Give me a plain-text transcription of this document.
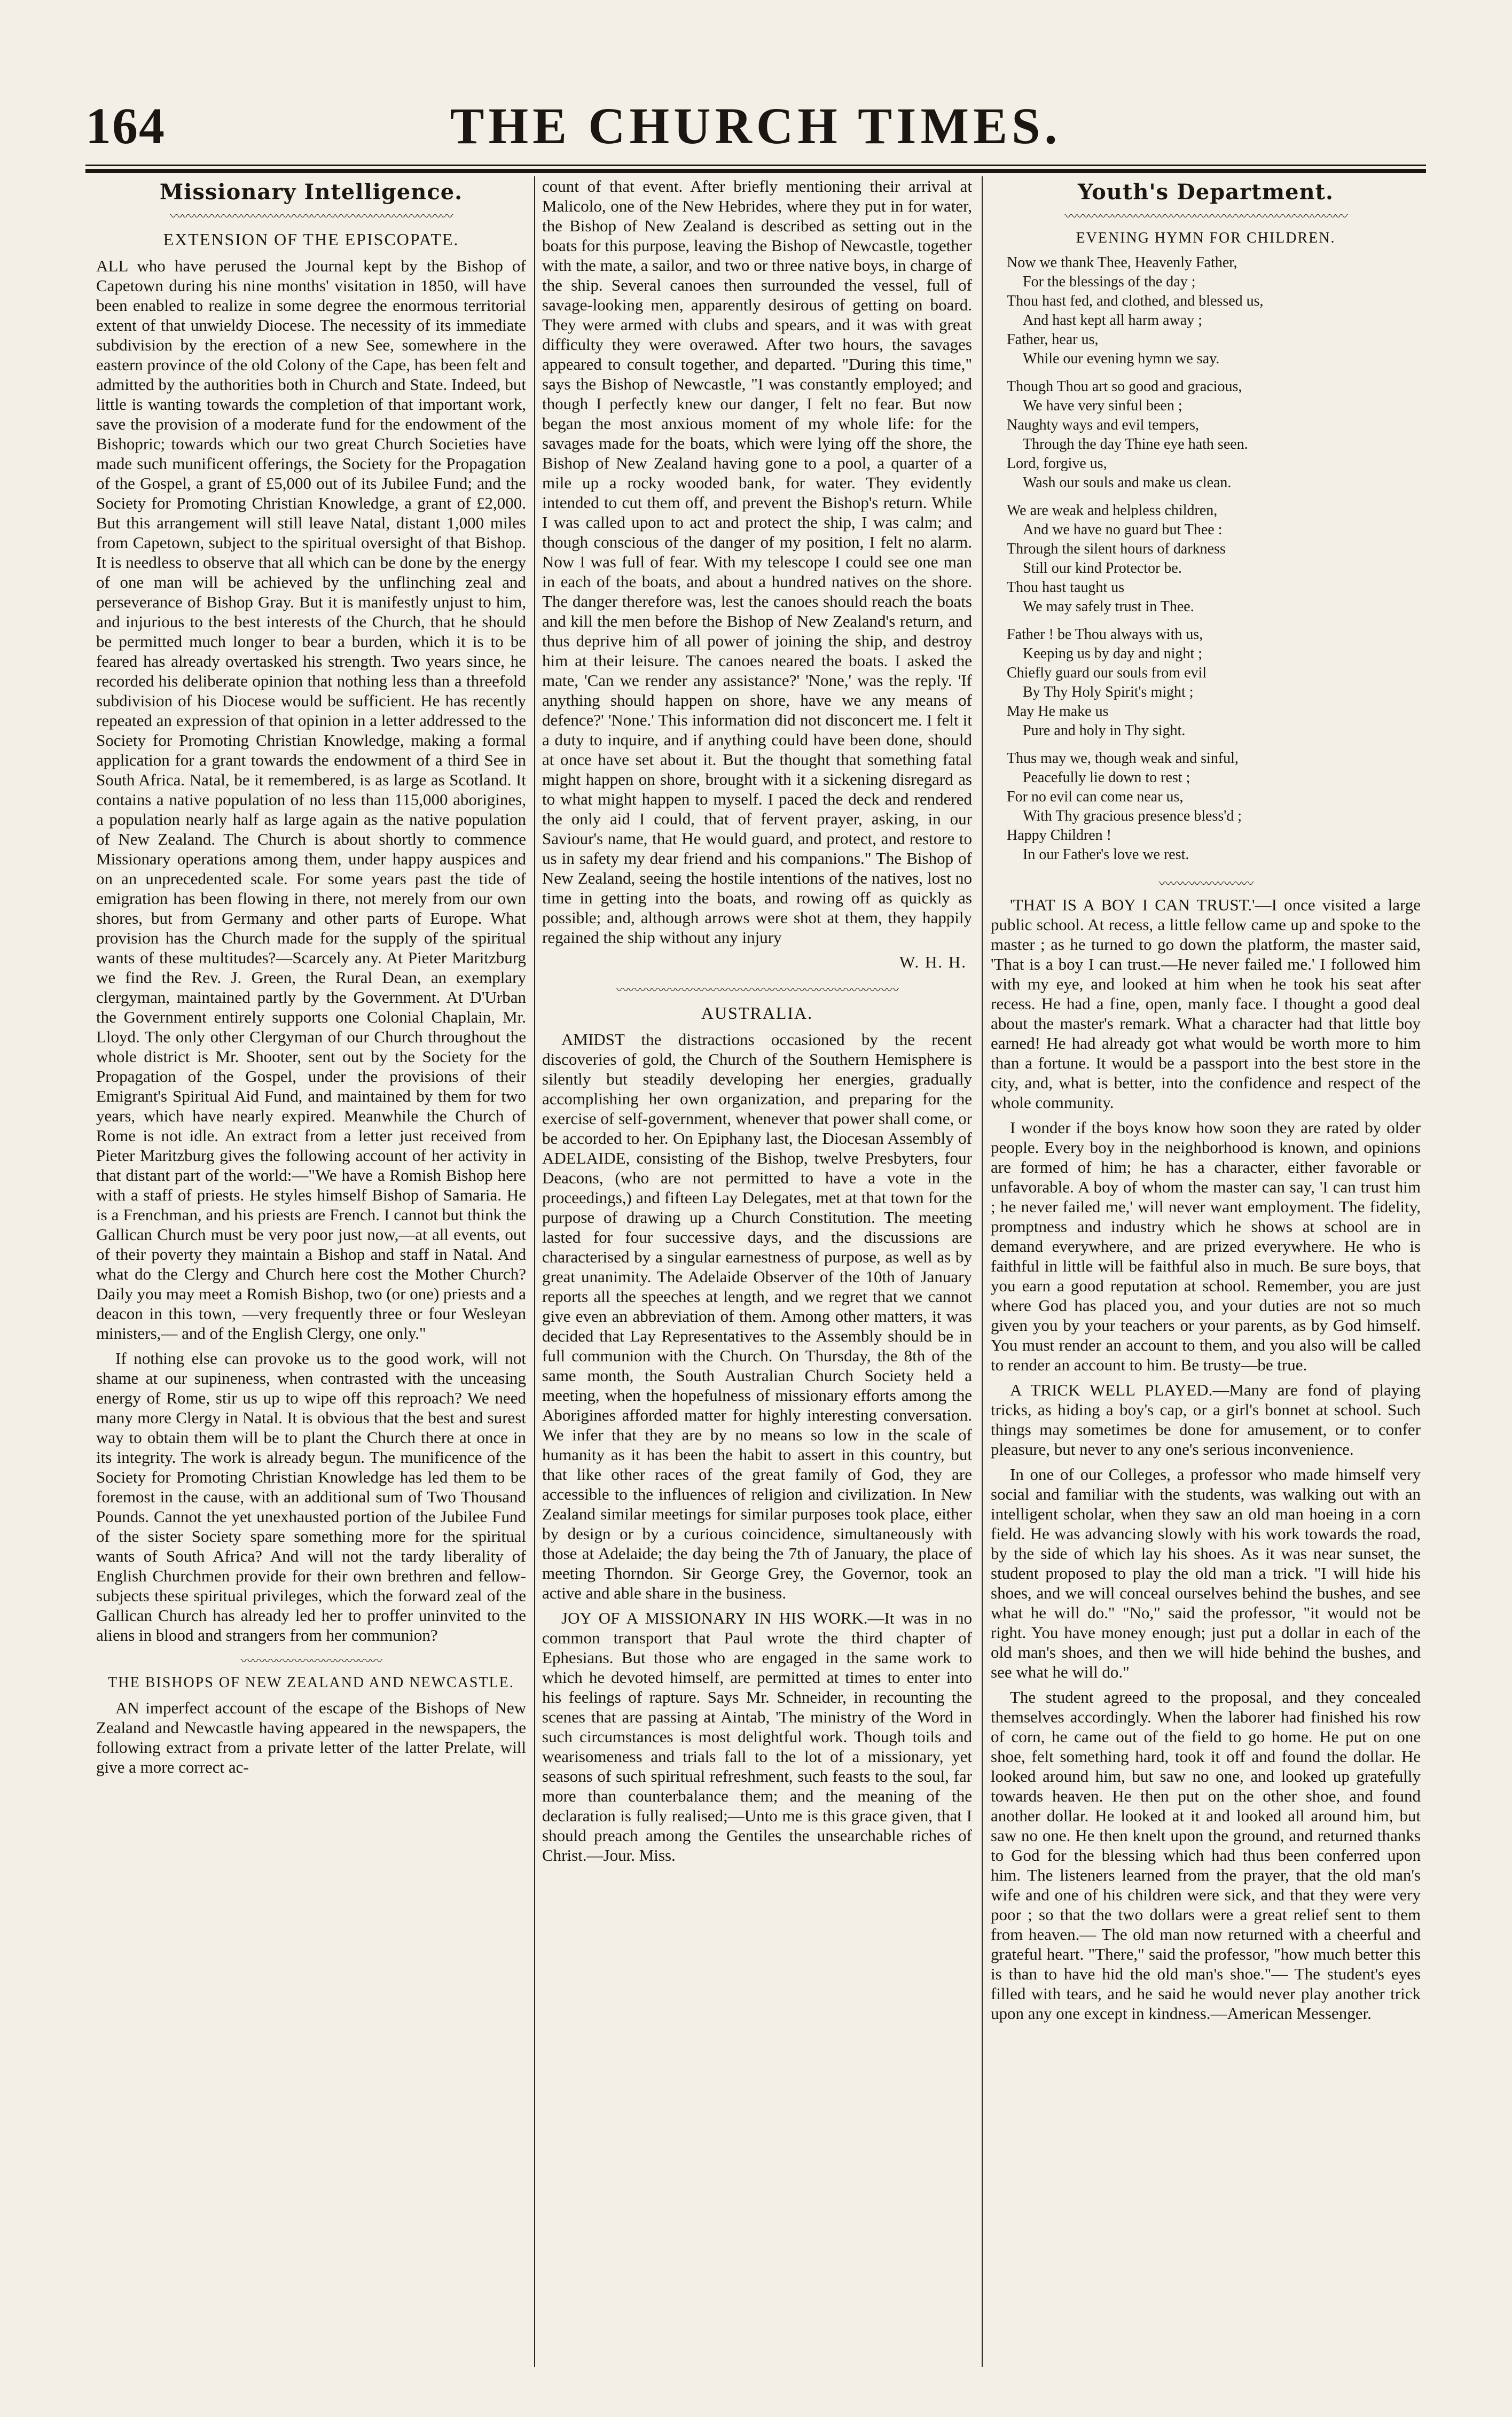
164	THE CHURCH TIMES.
Missionary Intelligence.
〰〰〰〰〰〰〰〰〰〰〰〰〰〰〰〰〰〰〰〰〰〰〰〰
EXTENSION OF THE EPISCOPATE.

ALL who have perused the Journal kept by the Bishop of Capetown during his nine months' visitation in 1850, will have been enabled to realize in some degree the enormous territorial extent of that unwieldy Diocese. The necessity of its immediate subdivision by the erection of a new See, somewhere in the eastern province of the old Colony of the Cape, has been felt and admitted by the authorities both in Church and State. Indeed, but little is wanting towards the completion of that important work, save the provision of a moderate fund for the endowment of the Bishopric; towards which our two great Church Societies have made such munificent offerings, the Society for the Propagation of the Gospel, a grant of £5,000 out of its Jubilee Fund; and the Society for Promoting Christian Knowledge, a grant of £2,000. But this arrangement will still leave Natal, distant 1,000 miles from Capetown, subject to the spiritual oversight of that Bishop. It is needless to observe that all which can be done by the energy of one man will be achieved by the unflinching zeal and perseverance of Bishop Gray. But it is manifestly unjust to him, and injurious to the best interests of the Church, that he should be permitted much longer to bear a burden, which it is to be feared has already overtasked his strength. Two years since, he recorded his deliberate opinion that nothing less than a threefold subdivision of his Diocese would be sufficient. He has recently repeated an expression of that opinion in a letter addressed to the Society for Promoting Christian Knowledge, making a formal application for a grant towards the endowment of a third See in South Africa. Natal, be it remembered, is as large as Scotland. It contains a native population of no less than 115,000 aborigines, a population nearly half as large again as the native population of New Zealand. The Church is about shortly to commence Missionary operations among them, under happy auspices and on an unprecedented scale. For some years past the tide of emigration has been flowing in there, not merely from our own shores, but from Germany and other parts of Europe. What provision has the Church made for the supply of the spiritual wants of these multitudes?—Scarcely any. At Pieter Maritzburg we find the Rev. J. Green, the Rural Dean, an exemplary clergyman, maintained partly by the Government. At D'Urban the Government entirely supports one Colonial Chaplain, Mr. Lloyd. The only other Clergyman of our Church throughout the whole district is Mr. Shooter, sent out by the Society for the Propagation of the Gospel, under the provisions of their Emigrant's Spiritual Aid Fund, and maintained by them for two years, which have nearly expired. Meanwhile the Church of Rome is not idle. An extract from a letter just received from Pieter Maritzburg gives the following account of her activity in that distant part of the world:—"We have a Romish Bishop here with a staff of priests. He styles himself Bishop of Samaria. He is a Frenchman, and his priests are French. I cannot but think the Gallican Church must be very poor just now,—at all events, out of their poverty they maintain a Bishop and staff in Natal. And what do the Clergy and Church here cost the Mother Church? Daily you may meet a Romish Bishop, two (or one) priests and a deacon in this town, —very frequently three or four Wesleyan ministers,— and of the English Clergy, one only."

If nothing else can provoke us to the good work, will not shame at our supineness, when contrasted with the unceasing energy of Rome, stir us up to wipe off this reproach? We need many more Clergy in Natal. It is obvious that the best and surest way to obtain them will be to plant the Church there at once in its integrity. The work is already begun. The munificence of the Society for Promoting Christian Knowledge has led them to be foremost in the cause, with an additional sum of Two Thousand Pounds. Cannot the yet unexhausted portion of the Jubilee Fund of the sister Society spare something more for the spiritual wants of South Africa? And will not the tardy liberality of English Churchmen provide for their own brethren and fellow-subjects these spiritual privileges, which the forward zeal of the Gallican Church has already led her to proffer uninvited to the aliens in blood and strangers from her communion?

〰〰〰〰〰〰〰〰〰〰〰〰
THE BISHOPS OF NEW ZEALAND AND NEWCASTLE.

AN imperfect account of the escape of the Bishops of New Zealand and Newcastle having appeared in the newspapers, the following extract from a private letter of the latter Prelate, will give a more correct ac-

count of that event. After briefly mentioning their arrival at Malicolo, one of the New Hebrides, where they put in for water, the Bishop of New Zealand is described as setting out in the boats for this purpose, leaving the Bishop of Newcastle, together with the mate, a sailor, and two or three native boys, in charge of the ship. Several canoes then surrounded the vessel, full of savage-looking men, apparently desirous of getting on board. They were armed with clubs and spears, and it was with great difficulty they were overawed. After two hours, the savages appeared to consult together, and departed. "During this time," says the Bishop of Newcastle, "I was constantly employed; and though I perfectly knew our danger, I felt no fear. But now began the most anxious moment of my whole life: for the savages made for the boats, which were lying off the shore, the Bishop of New Zealand having gone to a pool, a quarter of a mile up a rocky wooded bank, for water. They evidently intended to cut them off, and prevent the Bishop's return. While I was called upon to act and protect the ship, I was calm; and though conscious of the danger of my position, I felt no alarm. Now I was full of fear. With my telescope I could see one man in each of the boats, and about a hundred natives on the shore. The danger therefore was, lest the canoes should reach the boats and kill the men before the Bishop of New Zealand's return, and thus deprive him of all power of joining the ship, and destroy him at their leisure. The canoes neared the boats. I asked the mate, 'Can we render any assistance?' 'None,' was the reply. 'If anything should happen on shore, have we any means of defence?' 'None.' This information did not disconcert me. I felt it a duty to inquire, and if anything could have been done, should at once have set about it. But the thought that something fatal might happen on shore, brought with it a sickening disregard as to what might happen to myself. I paced the deck and rendered the only aid I could, that of fervent prayer, asking, in our Saviour's name, that He would guard, and protect, and restore to us in safety my dear friend and his companions." The Bishop of New Zealand, seeing the hostile intentions of the natives, lost no time in getting into the boats, and rowing off as quickly as possible; and, although arrows were shot at them, they happily regained the ship without any injury

W. H. H.
〰〰〰〰〰〰〰〰〰〰〰〰〰〰〰〰〰〰〰〰〰〰〰〰
AUSTRALIA.

AMIDST the distractions occasioned by the recent discoveries of gold, the Church of the Southern Hemisphere is silently but steadily developing her energies, gradually accomplishing her own organization, and preparing for the exercise of self-government, whenever that power shall come, or be accorded to her. On Epiphany last, the Diocesan Assembly of ADELAIDE, consisting of the Bishop, twelve Presbyters, four Deacons, (who are not permitted to have a vote in the proceedings,) and fifteen Lay Delegates, met at that town for the purpose of drawing up a Church Constitution. The meeting lasted for four successive days, and the discussions are characterised by a singular earnestness of purpose, as well as by great unanimity. The Adelaide Observer of the 10th of January reports all the speeches at length, and we regret that we cannot give even an abbreviation of them. Among other matters, it was decided that Lay Representatives to the Assembly should be in full communion with the Church. On Thursday, the 8th of the same month, the South Australian Church Society held a meeting, when the hopefulness of missionary efforts among the Aborigines afforded matter for highly interesting conversation. We infer that they are by no means so low in the scale of humanity as it has been the habit to assert in this country, but that like other races of the great family of God, they are accessible to the influences of religion and civilization. In New Zealand similar meetings for similar purposes took place, either by design or by a curious coincidence, simultaneously with those at Adelaide; the day being the 7th of January, the place of meeting Thorndon. Sir George Grey, the Governor, took an active and able share in the business.

JOY OF A MISSIONARY IN HIS WORK.—It was in no common transport that Paul wrote the third chapter of Ephesians. But those who are engaged in the same work to which he devoted himself, are permitted at times to enter into his feelings of rapture. Says Mr. Schneider, in recounting the scenes that are passing at Aintab, 'The ministry of the Word in such circumstances is most delightful work. Though toils and wearisomeness and trials fall to the lot of a missionary, yet seasons of such spiritual refreshment, such feasts to the soul, far more than counterbalance them; and the meaning of the declaration is fully realised;—Unto me is this grace given, that I should preach among the Gentiles the unsearchable riches of Christ.—Jour. Miss.

Youth's Department.
〰〰〰〰〰〰〰〰〰〰〰〰〰〰〰〰〰〰〰〰〰〰〰〰
EVENING HYMN FOR CHILDREN.
Now we thank Thee, Heavenly Father,
For the blessings of the day ;
Thou hast fed, and clothed, and blessed us,
And hast kept all harm away ;
Father, hear us,
While our evening hymn we say.
Though Thou art so good and gracious,
We have very sinful been ;
Naughty ways and evil tempers,
Through the day Thine eye hath seen.
Lord, forgive us,
Wash our souls and make us clean.
We are weak and helpless children,
And we have no guard but Thee :
Through the silent hours of darkness
Still our kind Protector be.
Thou hast taught us
We may safely trust in Thee.
Father ! be Thou always with us,
Keeping us by day and night ;
Chiefly guard our souls from evil
By Thy Holy Spirit's might ;
May He make us
Pure and holy in Thy sight.
Thus may we, though weak and sinful,
Peacefully lie down to rest ;
For no evil can come near us,
With Thy gracious presence bless'd ;
Happy Children !
In our Father's love we rest.
〰〰〰〰〰〰〰〰

'THAT IS A BOY I CAN TRUST.'—I once visited a large public school. At recess, a little fellow came up and spoke to the master ; as he turned to go down the platform, the master said, 'That is a boy I can trust.—He never failed me.' I followed him with my eye, and looked at him when he took his seat after recess. He had a fine, open, manly face. I thought a good deal about the master's remark. What a character had that little boy earned! He had already got what would be worth more to him than a fortune. It would be a passport into the best store in the city, and, what is better, into the confidence and respect of the whole community.

I wonder if the boys know how soon they are rated by older people. Every boy in the neighborhood is known, and opinions are formed of him; he has a character, either favorable or unfavorable. A boy of whom the master can say, 'I can trust him ; he never failed me,' will never want employment. The fidelity, promptness and industry which he shows at school are in demand everywhere, and are prized everywhere. He who is faithful in little will be faithful also in much. Be sure boys, that you earn a good reputation at school. Remember, you are just where God has placed you, and your duties are not so much given you by your teachers or your parents, as by God himself. You must render an account to them, and you also will be called to render an account to him. Be trusty—be true.

A TRICK WELL PLAYED.—Many are fond of playing tricks, as hiding a boy's cap, or a girl's bonnet at school. Such things may sometimes be done for amusement, or to confer pleasure, but never to any one's serious inconvenience.

In one of our Colleges, a professor who made himself very social and familiar with the students, was walking out with an intelligent scholar, when they saw an old man hoeing in a corn field. He was advancing slowly with his work towards the road, by the side of which lay his shoes. As it was near sunset, the student proposed to play the old man a trick. "I will hide his shoes, and we will conceal ourselves behind the bushes, and see what he will do." "No," said the professor, "it would not be right. You have money enough; just put a dollar in each of the old man's shoes, and then we will hide behind the bushes, and see what he will do."

The student agreed to the proposal, and they concealed themselves accordingly. When the laborer had finished his row of corn, he came out of the field to go home. He put on one shoe, felt something hard, took it off and found the dollar. He looked around him, but saw no one, and looked up gratefully towards heaven. He then put on the other shoe, and found another dollar. He looked at it and looked all around him, but saw no one. He then knelt upon the ground, and returned thanks to God for the blessing which had thus been conferred upon him. The listeners learned from the prayer, that the old man's wife and one of his children were sick, and that they were very poor ; so that the two dollars were a great relief sent to them from heaven.— The old man now returned with a cheerful and grateful heart. "There," said the professor, "how much better this is than to have hid the old man's shoe."— The student's eyes filled with tears, and he said he would never play another trick upon any one except in kindness.—American Messenger.
